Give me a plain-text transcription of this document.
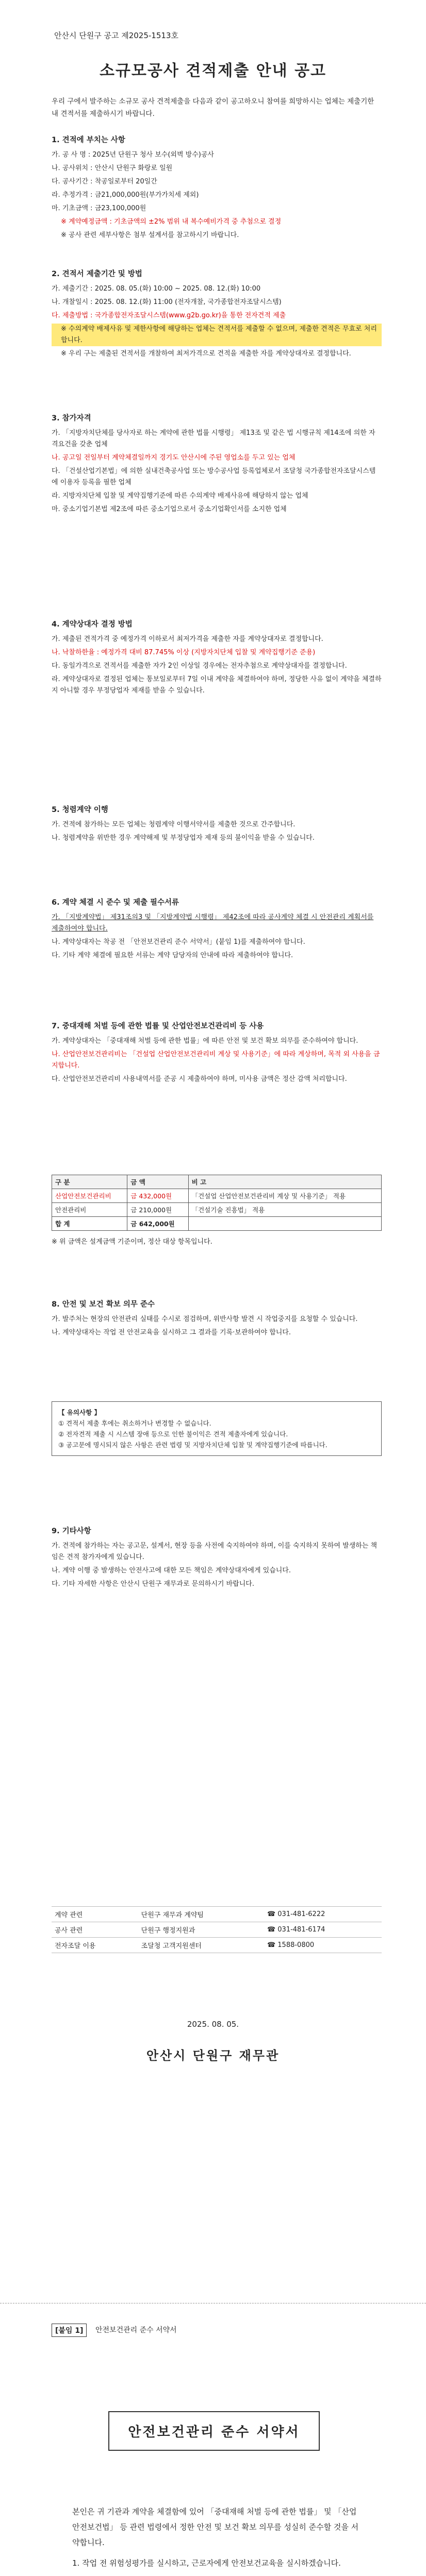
안산시 단원구 공고 제2025-1513호
소규모공사 견적제출 안내 공고
우리 구에서 발주하는 소규모 공사 견적제출을 다음과 같이 공고하오니 참여를 희망하시는 업체는 제출기한 내 견적서를 제출하시기 바랍니다.
1. 견적에 부치는 사항

가. 공 사 명 : 2025년 단원구 청사 보수(외벽 방수)공사

나. 공사위치 : 안산시 단원구 화랑로 일원

다. 공사기간 : 착공일로부터 20일간

라. 추정가격 : 금21,000,000원(부가가치세 제외)

마. 기초금액 : 금23,100,000원

※ 계약예정금액 : 기초금액의 ±2% 범위 내 복수예비가격 중 추첨으로 결정

※ 공사 관련 세부사항은 첨부 설계서를 참고하시기 바랍니다.

2. 견적서 제출기간 및 방법

가. 제출기간 : 2025. 08. 05.(화) 10:00 ~ 2025. 08. 12.(화) 10:00

나. 개찰일시 : 2025. 08. 12.(화) 11:00 (전자개찰, 국가종합전자조달시스템)

다. 제출방법 : 국가종합전자조달시스템(www.g2b.go.kr)을 통한 전자견적 제출

※ 수의계약 배제사유 및 제한사항에 해당하는 업체는 견적서를 제출할 수 없으며, 제출한 견적은 무효로 처리합니다.

※ 우리 구는 제출된 견적서를 개찰하여 최저가격으로 견적을 제출한 자를 계약상대자로 결정합니다.

3. 참가자격

가. 「지방자치단체를 당사자로 하는 계약에 관한 법률 시행령」 제13조 및 같은 법 시행규칙 제14조에 의한 자격요건을 갖춘 업체

나. 공고일 전일부터 계약체결일까지 경기도 안산시에 주된 영업소를 두고 있는 업체

다. 「건설산업기본법」에 의한 실내건축공사업 또는 방수공사업 등록업체로서 조달청 국가종합전자조달시스템에 이용자 등록을 필한 업체

라. 지방자치단체 입찰 및 계약집행기준에 따른 수의계약 배제사유에 해당하지 않는 업체

마. 중소기업기본법 제2조에 따른 중소기업으로서 중소기업확인서를 소지한 업체

4. 계약상대자 결정 방법

가. 제출된 견적가격 중 예정가격 이하로서 최저가격을 제출한 자를 계약상대자로 결정합니다.

나. 낙찰하한율 : 예정가격 대비 87.745% 이상 (지방자치단체 입찰 및 계약집행기준 준용)

다. 동일가격으로 견적서를 제출한 자가 2인 이상일 경우에는 전자추첨으로 계약상대자를 결정합니다.

라. 계약상대자로 결정된 업체는 통보일로부터 7일 이내 계약을 체결하여야 하며, 정당한 사유 없이 계약을 체결하지 아니할 경우 부정당업자 제재를 받을 수 있습니다.

5. 청렴계약 이행

가. 견적에 참가하는 모든 업체는 청렴계약 이행서약서를 제출한 것으로 간주합니다.

나. 청렴계약을 위반한 경우 계약해제 및 부정당업자 제재 등의 불이익을 받을 수 있습니다.

6. 계약 체결 시 준수 및 제출 필수서류

가. 「지방계약법」 제31조의3 및 「지방계약법 시행령」 제42조에 따라 공사계약 체결 시 안전관리 계획서를 제출하여야 합니다.

나. 계약상대자는 착공 전 「안전보건관리 준수 서약서」(붙임 1)를 제출하여야 합니다.

다. 기타 계약 체결에 필요한 서류는 계약 담당자의 안내에 따라 제출하여야 합니다.

7. 중대재해 처벌 등에 관한 법률 및 산업안전보건관리비 등 사용

가. 계약상대자는 「중대재해 처벌 등에 관한 법률」에 따른 안전 및 보건 확보 의무를 준수하여야 합니다.

나. 산업안전보건관리비는 「건설업 산업안전보건관리비 계상 및 사용기준」에 따라 계상하며, 목적 외 사용을 금지합니다.

다. 산업안전보건관리비 사용내역서를 준공 시 제출하여야 하며, 미사용 금액은 정산 감액 처리합니다.

구 분	금 액	비 고
산업안전보건관리비	금 432,000원	「건설업 산업안전보건관리비 계상 및 사용기준」 적용
안전관리비	금 210,000원	「건설기술 진흥법」 적용
합 계	금 642,000원	
※ 위 금액은 설계금액 기준이며, 정산 대상 항목입니다.
8. 안전 및 보건 확보 의무 준수

가. 발주처는 현장의 안전관리 실태를 수시로 점검하며, 위반사항 발견 시 작업중지를 요청할 수 있습니다.

나. 계약상대자는 작업 전 안전교육을 실시하고 그 결과를 기록·보관하여야 합니다.

【 유의사항 】

① 견적서 제출 후에는 취소하거나 변경할 수 없습니다.

② 전자견적 제출 시 시스템 장애 등으로 인한 불이익은 견적 제출자에게 있습니다.

③ 공고문에 명시되지 않은 사항은 관련 법령 및 지방자치단체 입찰 및 계약집행기준에 따릅니다.

9. 기타사항

가. 견적에 참가하는 자는 공고문, 설계서, 현장 등을 사전에 숙지하여야 하며, 이를 숙지하지 못하여 발생하는 책임은 견적 참가자에게 있습니다.

나. 계약 이행 중 발생하는 안전사고에 대한 모든 책임은 계약상대자에게 있습니다.

다. 기타 자세한 사항은 안산시 단원구 재무과로 문의하시기 바랍니다.

계약 관련	단원구 재무과 계약팀	☎ 031-481-6222
공사 관련	단원구 행정지원과	☎ 031-481-6174
전자조달 이용	조달청 고객지원센터	☎ 1588-0800
2025. 08. 05.
안산시 단원구 재무관
[붙임 1]	안전보건관리 준수 서약서
안전보건관리 준수 서약서

본인은 귀 기관과 계약을 체결함에 있어 「중대재해 처벌 등에 관한 법률」 및 「산업안전보건법」 등 관련 법령에서 정한 안전 및 보건 확보 의무를 성실히 준수할 것을 서약합니다.

1. 작업 전 위험성평가를 실시하고, 근로자에게 안전보건교육을 실시하겠습니다.
